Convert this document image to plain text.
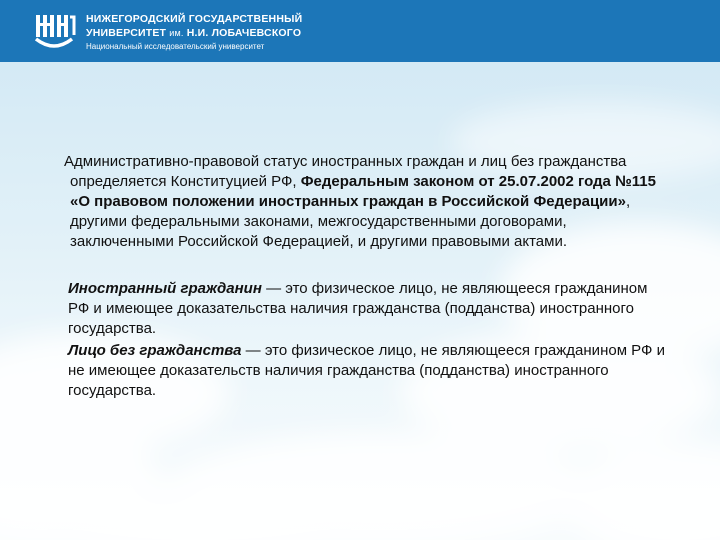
НИЖЕГОРОДСКИЙ ГОСУДАРСТВЕННЫЙ
УНИВЕРСИТЕТ им. Н.И. ЛОБАЧЕВСКОГО
Национальный исследовательский университет

Административно-правовой статус иностранных граждан и лиц без гражданства определяется Конституцией РФ, Федеральным законом от 25.07.2002 года №115 «О правовом положении иностранных граждан в Российской Федерации», другими федеральными законами, межгосударственными договорами, заключенными Российской Федерацией, и другими правовыми актами.

Иностранный гражданин — это физическое лицо, не являющееся гражданином РФ и имеющее доказательства наличия гражданства (подданства) иностранного государства.

Лицо без гражданства — это физическое лицо, не являющееся гражданином РФ и не имеющее доказательств наличия гражданства (подданства) иностранного государства.
